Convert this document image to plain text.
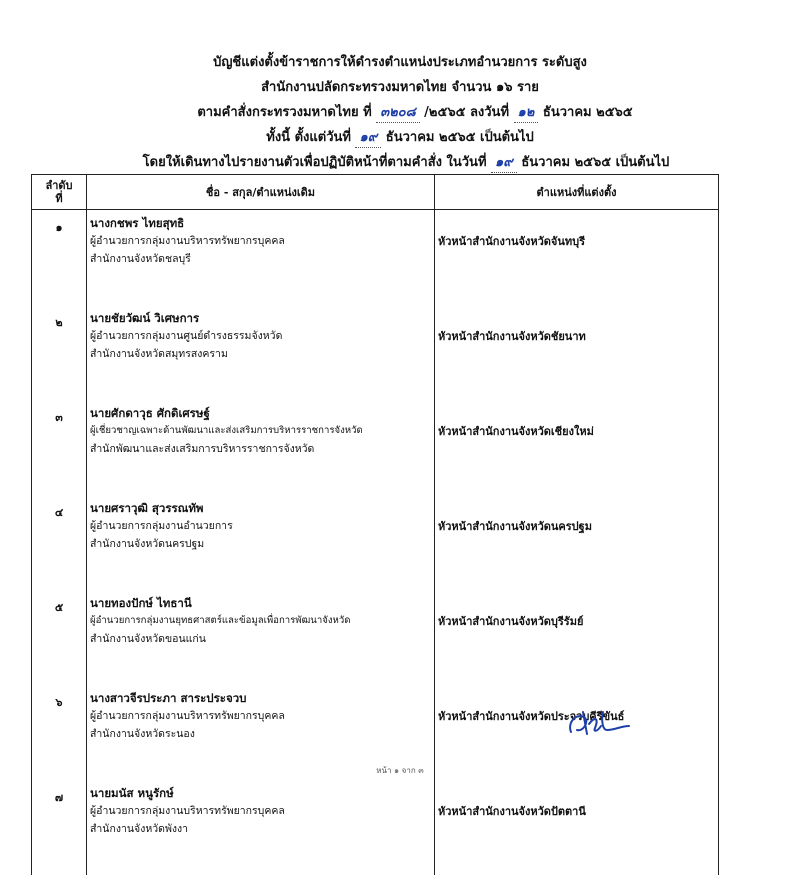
บัญชีแต่งตั้งข้าราชการให้ดำรงตำแหน่งประเภทอำนวยการ ระดับสูง
สำนักงานปลัดกระทรวงมหาดไทย จำนวน ๑๖ ราย
ตามคำสั่งกระทรวงมหาดไทย ที่ ๓๒๐๘ /๒๕๖๕ ลงวันที่ ๑๒ ธันวาคม ๒๕๖๕
ทั้งนี้ ตั้งแต่วันที่ ๑๙ ธันวาคม ๒๕๖๕ เป็นต้นไป
โดยให้เดินทางไปรายงานตัวเพื่อปฏิบัติหน้าที่ตามคำสั่ง ในวันที่ ๑๙ ธันวาคม ๒๕๖๕ เป็นต้นไป
ลำดับ
ที่	ชื่อ - สกุล/ตำแหน่งเดิม	ตำแหน่งที่แต่งตั้ง
๑	นางกชพร ไทยสุทธิ
ผู้อำนวยการกลุ่มงานบริหารทรัพยากรบุคคล
สำนักงานจังหวัดชลบุรี	หัวหน้าสำนักงานจังหวัดจันทบุรี
๒	นายชัยวัฒน์ วิเศษการ
ผู้อำนวยการกลุ่มงานศูนย์ดำรงธรรมจังหวัด
สำนักงานจังหวัดสมุทรสงคราม	หัวหน้าสำนักงานจังหวัดชัยนาท
๓	นายศักดาวุธ ศักดิเศรษฐ์
ผู้เชี่ยวชาญเฉพาะด้านพัฒนาและส่งเสริมการบริหารราชการจังหวัด
สำนักพัฒนาและส่งเสริมการบริหารราชการจังหวัด	หัวหน้าสำนักงานจังหวัดเชียงใหม่
๔	นายศราวุฒิ สุวรรณทัพ
ผู้อำนวยการกลุ่มงานอำนวยการ
สำนักงานจังหวัดนครปฐม	หัวหน้าสำนักงานจังหวัดนครปฐม
๕	นายทองปักษ์ ไทธานี
ผู้อำนวยการกลุ่มงานยุทธศาสตร์และข้อมูลเพื่อการพัฒนาจังหวัด
สำนักงานจังหวัดขอนแก่น	หัวหน้าสำนักงานจังหวัดบุรีรัมย์
๖	นางสาวจีรประภา สาระประจวบ
ผู้อำนวยการกลุ่มงานบริหารทรัพยากรบุคคล
สำนักงานจังหวัดระนอง	หัวหน้าสำนักงานจังหวัดประจวบคีรีขันธ์
๗	นายมนัส หนูรักษ์
ผู้อำนวยการกลุ่มงานบริหารทรัพยากรบุคคล
สำนักงานจังหวัดพังงา	หัวหน้าสำนักงานจังหวัดปัตตานี
หน้า ๑ จาก ๓
